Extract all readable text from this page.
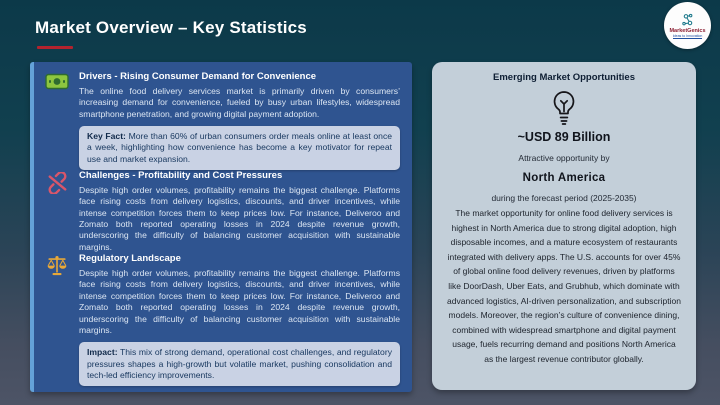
Market Overview – Key Statistics	MarketGenics
Ideas to Innovation
Drivers - Rising Consumer Demand for Convenience
The online food delivery services market is primarily driven by consumers’ increasing demand for convenience, fueled by busy urban lifestyles, widespread smartphone penetration, and growing digital payment adoption.
Key Fact: More than 60% of urban consumers order meals online at least once a week, highlighting how convenience has become a key motivator for repeat use and market expansion.
Challenges - Profitability and Cost Pressures
Despite high order volumes, profitability remains the biggest challenge. Platforms face rising costs from delivery logistics, discounts, and driver incentives, while intense competition forces them to keep prices low. For instance, Deliveroo and Zomato both reported operating losses in 2024 despite revenue growth, underscoring the difficulty of balancing customer acquisition with sustainable margins.
Regulatory Landscape
Despite high order volumes, profitability remains the biggest challenge. Platforms face rising costs from delivery logistics, discounts, and driver incentives, while intense competition forces them to keep prices low. For instance, Deliveroo and Zomato both reported operating losses in 2024 despite revenue growth, underscoring the difficulty of balancing customer acquisition with sustainable margins.
Impact: This mix of strong demand, operational cost challenges, and regulatory pressures shapes a high-growth but volatile market, pushing consolidation and tech-led efficiency improvements.
Emerging Market Opportunities
~USD 89 Billion
Attractive opportunity by
North America
during the forecast period (2025-2035)
The market opportunity for online food delivery services is highest in North America due to strong digital adoption, high disposable incomes, and a mature ecosystem of restaurants integrated with delivery apps. The U.S. accounts for over 45% of global online food delivery revenues, driven by platforms like DoorDash, Uber Eats, and Grubhub, which dominate with advanced logistics, AI-driven personalization, and subscription models. Moreover, the region’s culture of convenience dining, combined with widespread smartphone and digital payment usage, fuels recurring demand and positions North America as the largest revenue contributor globally.
